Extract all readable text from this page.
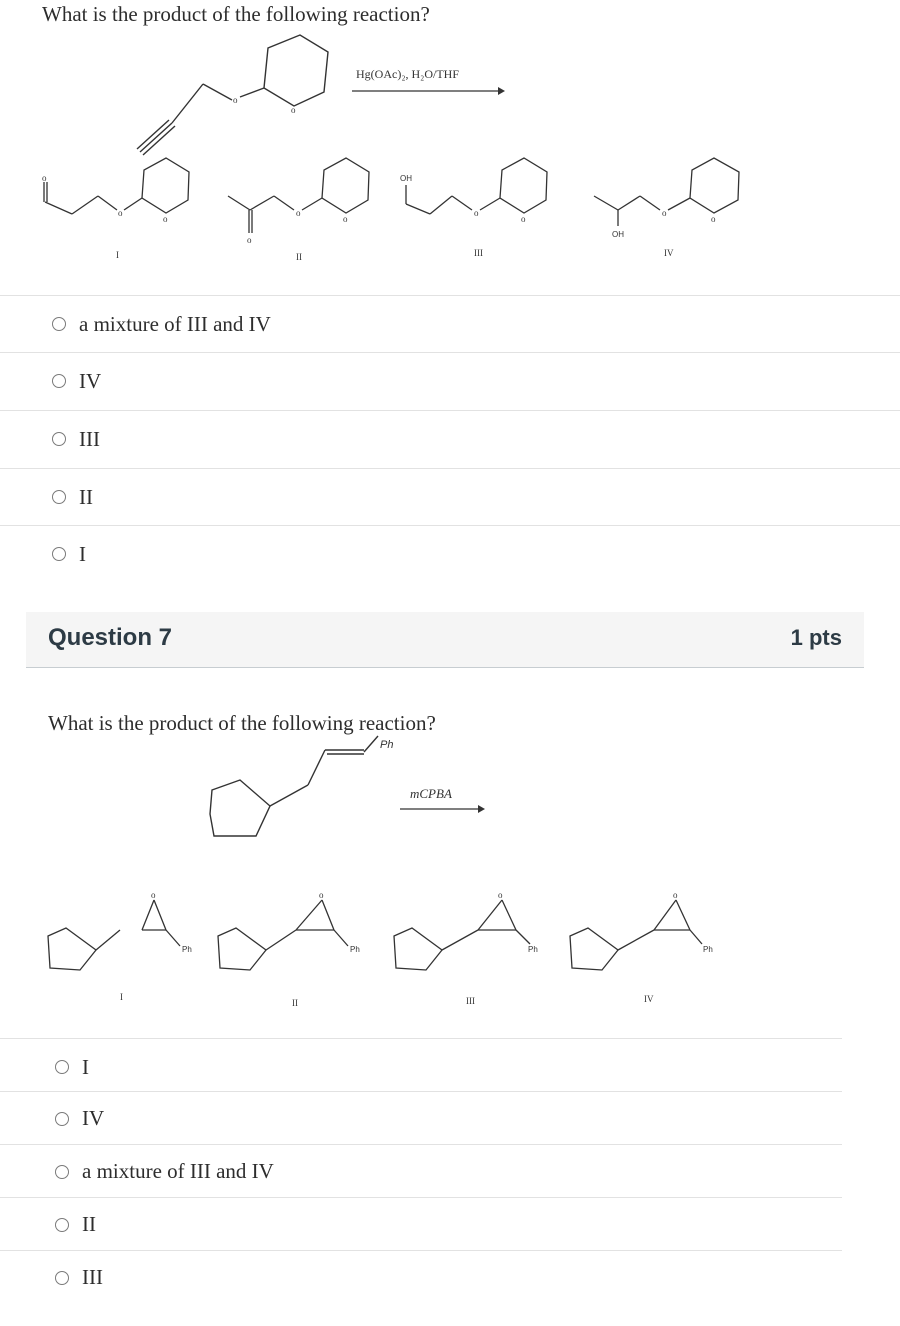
What is the product of the following reaction?
o
o
Hg(OAc)₂, H₂O/THF
o
o
o
I
o
o
o
II
OH
o
o
III
OH
o
o
IV
a mixture of III and IV
IV
III
II
I
Question 7	1 pts
What is the product of the following reaction?
Ph
mCPBA
o
Ph
I
o
Ph
II
o
Ph
III
o
Ph
IV
I
IV
a mixture of III and IV
II
III
